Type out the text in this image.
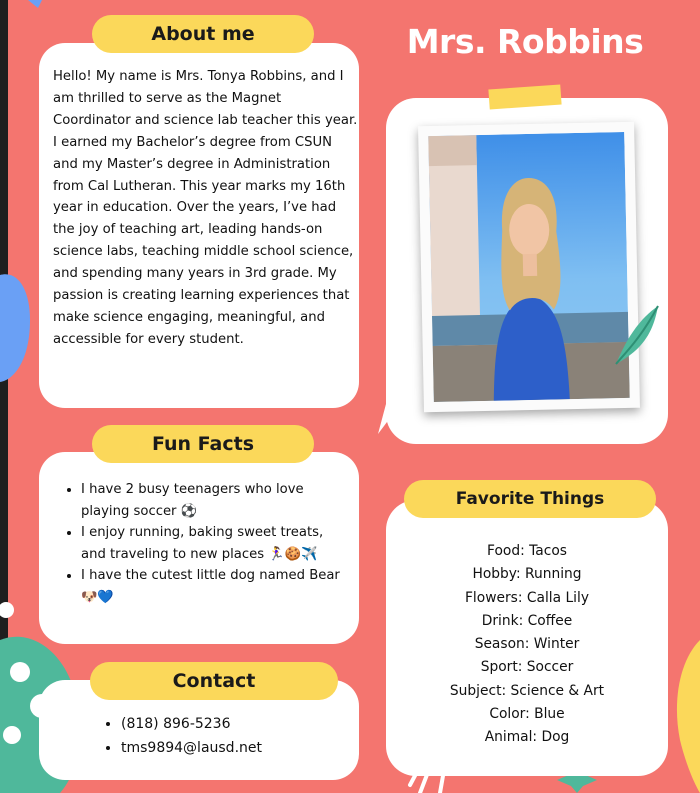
Mrs. Robbins
About me
Hello! My name is Mrs. Tonya Robbins, and I am thrilled to serve as the Magnet Coordinator and science lab teacher this year. I earned my Bachelor’s degree from CSUN and my Master’s degree in Administration from Cal Lutheran. This year marks my 16th year in education. Over the years, I’ve had the joy of teaching art, leading hands-on science labs, teaching middle school science, and spending many years in 3rd grade. My passion is creating learning experiences that make science engaging, meaningful, and accessible for every student.
Fun Facts
• I have 2 busy teenagers who love playing soccer ⚽
• I enjoy running, baking sweet treats, and traveling to new places 🏃‍♀️🍪✈️
• I have the cutest little dog named Bear 🐶💙
Contact
• (818) 896-5236
• tms9894@lausd.net
Favorite Things
Food: Tacos
Hobby: Running
Flowers: Calla Lily
Drink: Coffee
Season: Winter
Sport: Soccer
Subject: Science & Art
Color: Blue
Animal: Dog
